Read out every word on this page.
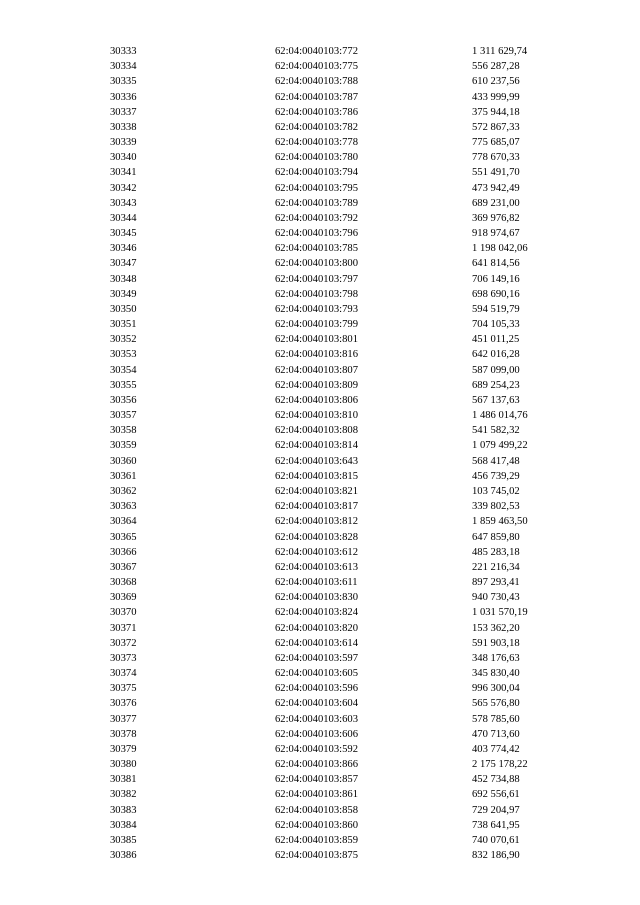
30333	62:04:0040103:772	1 311 629,74
30334	62:04:0040103:775	556 287,28
30335	62:04:0040103:788	610 237,56
30336	62:04:0040103:787	433 999,99
30337	62:04:0040103:786	375 944,18
30338	62:04:0040103:782	572 867,33
30339	62:04:0040103:778	775 685,07
30340	62:04:0040103:780	778 670,33
30341	62:04:0040103:794	551 491,70
30342	62:04:0040103:795	473 942,49
30343	62:04:0040103:789	689 231,00
30344	62:04:0040103:792	369 976,82
30345	62:04:0040103:796	918 974,67
30346	62:04:0040103:785	1 198 042,06
30347	62:04:0040103:800	641 814,56
30348	62:04:0040103:797	706 149,16
30349	62:04:0040103:798	698 690,16
30350	62:04:0040103:793	594 519,79
30351	62:04:0040103:799	704 105,33
30352	62:04:0040103:801	451 011,25
30353	62:04:0040103:816	642 016,28
30354	62:04:0040103:807	587 099,00
30355	62:04:0040103:809	689 254,23
30356	62:04:0040103:806	567 137,63
30357	62:04:0040103:810	1 486 014,76
30358	62:04:0040103:808	541 582,32
30359	62:04:0040103:814	1 079 499,22
30360	62:04:0040103:643	568 417,48
30361	62:04:0040103:815	456 739,29
30362	62:04:0040103:821	103 745,02
30363	62:04:0040103:817	339 802,53
30364	62:04:0040103:812	1 859 463,50
30365	62:04:0040103:828	647 859,80
30366	62:04:0040103:612	485 283,18
30367	62:04:0040103:613	221 216,34
30368	62:04:0040103:611	897 293,41
30369	62:04:0040103:830	940 730,43
30370	62:04:0040103:824	1 031 570,19
30371	62:04:0040103:820	153 362,20
30372	62:04:0040103:614	591 903,18
30373	62:04:0040103:597	348 176,63
30374	62:04:0040103:605	345 830,40
30375	62:04:0040103:596	996 300,04
30376	62:04:0040103:604	565 576,80
30377	62:04:0040103:603	578 785,60
30378	62:04:0040103:606	470 713,60
30379	62:04:0040103:592	403 774,42
30380	62:04:0040103:866	2 175 178,22
30381	62:04:0040103:857	452 734,88
30382	62:04:0040103:861	692 556,61
30383	62:04:0040103:858	729 204,97
30384	62:04:0040103:860	738 641,95
30385	62:04:0040103:859	740 070,61
30386	62:04:0040103:875	832 186,90
